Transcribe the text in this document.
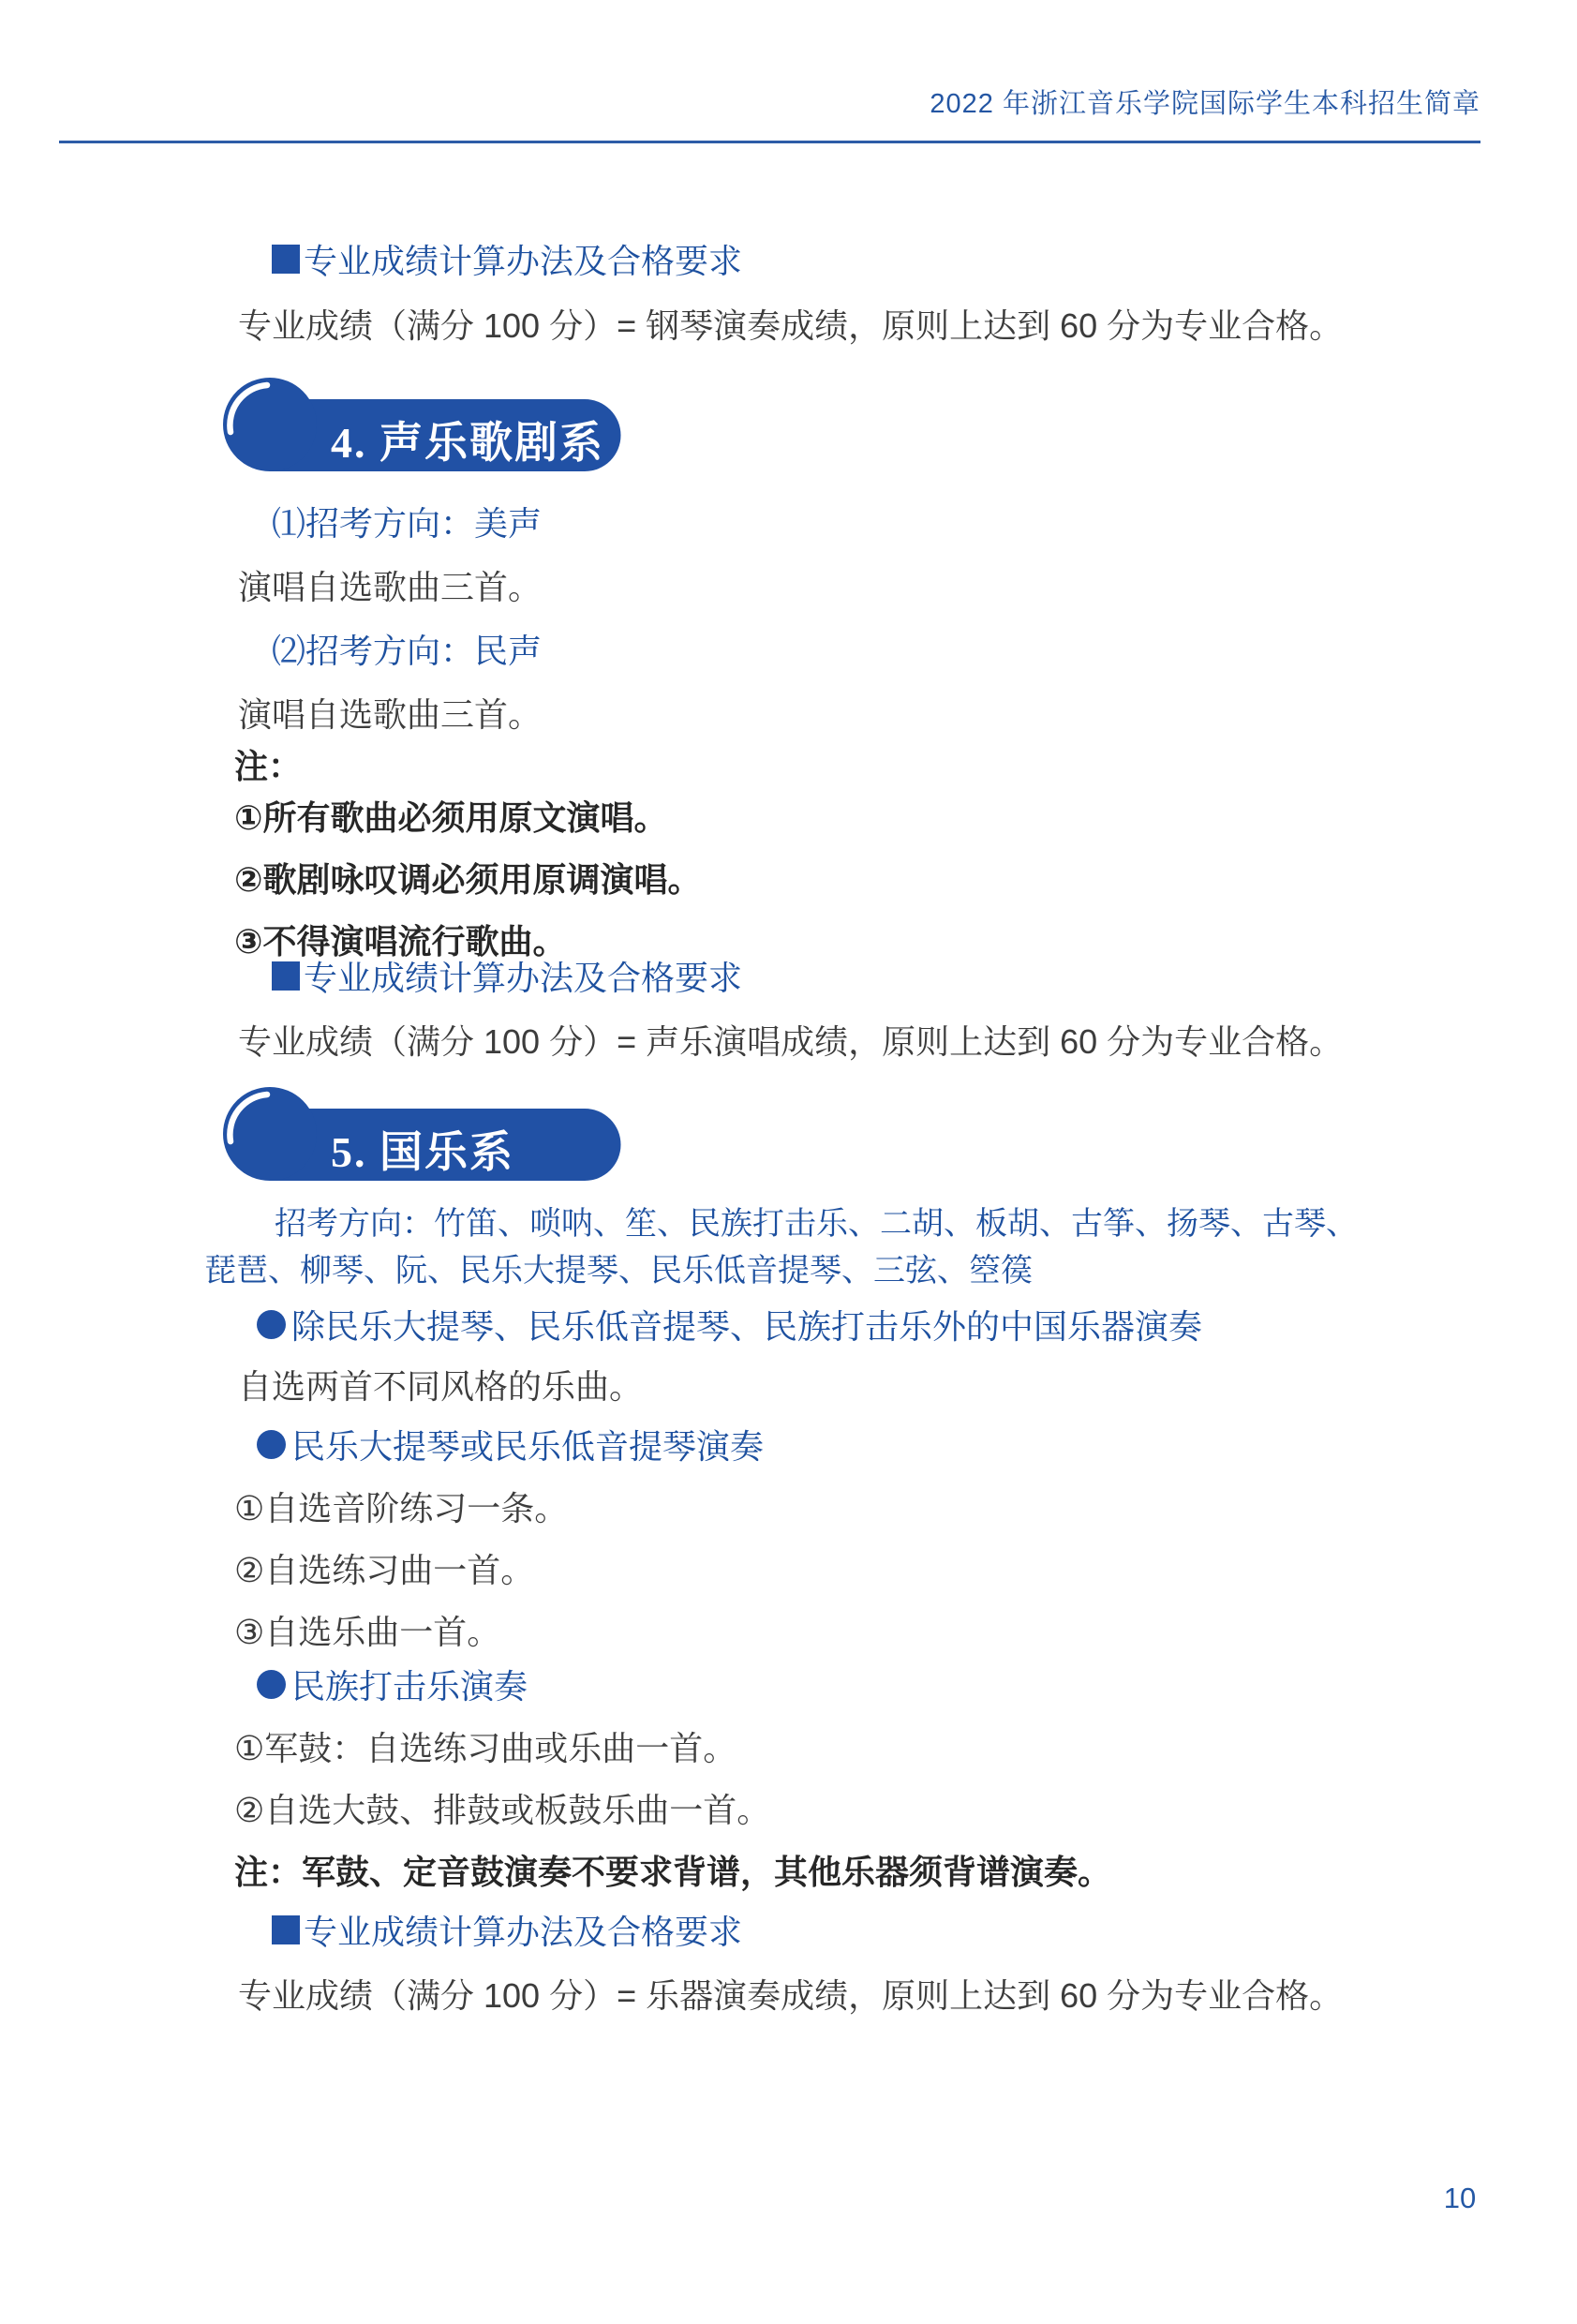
2022 年浙江音乐学院国际学生本科招生简章
专业成绩计算办法及合格要求
专业成绩（满分 100 分）= 钢琴演奏成绩，原则上达到 60 分为专业合格。
4. 声乐歌剧系
⑴招考方向：美声
演唱自选歌曲三首。
⑵招考方向：民声
演唱自选歌曲三首。
注：
①所有歌曲必须用原文演唱。
②歌剧咏叹调必须用原调演唱。
③不得演唱流行歌曲。
专业成绩计算办法及合格要求
专业成绩（满分 100 分）= 声乐演唱成绩，原则上达到 60 分为专业合格。
5. 国乐系
招考方向：竹笛、唢呐、笙、民族打击乐、二胡、板胡、古筝、扬琴、古琴、
琵琶、柳琴、阮、民乐大提琴、民乐低音提琴、三弦、箜篌
除民乐大提琴、民乐低音提琴、民族打击乐外的中国乐器演奏
自选两首不同风格的乐曲。
民乐大提琴或民乐低音提琴演奏
①自选音阶练习一条。
②自选练习曲一首。
③自选乐曲一首。
民族打击乐演奏
①军鼓：自选练习曲或乐曲一首。
②自选大鼓、排鼓或板鼓乐曲一首。
注：军鼓、定音鼓演奏不要求背谱，其他乐器须背谱演奏。
专业成绩计算办法及合格要求
专业成绩（满分 100 分）= 乐器演奏成绩，原则上达到 60 分为专业合格。
10
